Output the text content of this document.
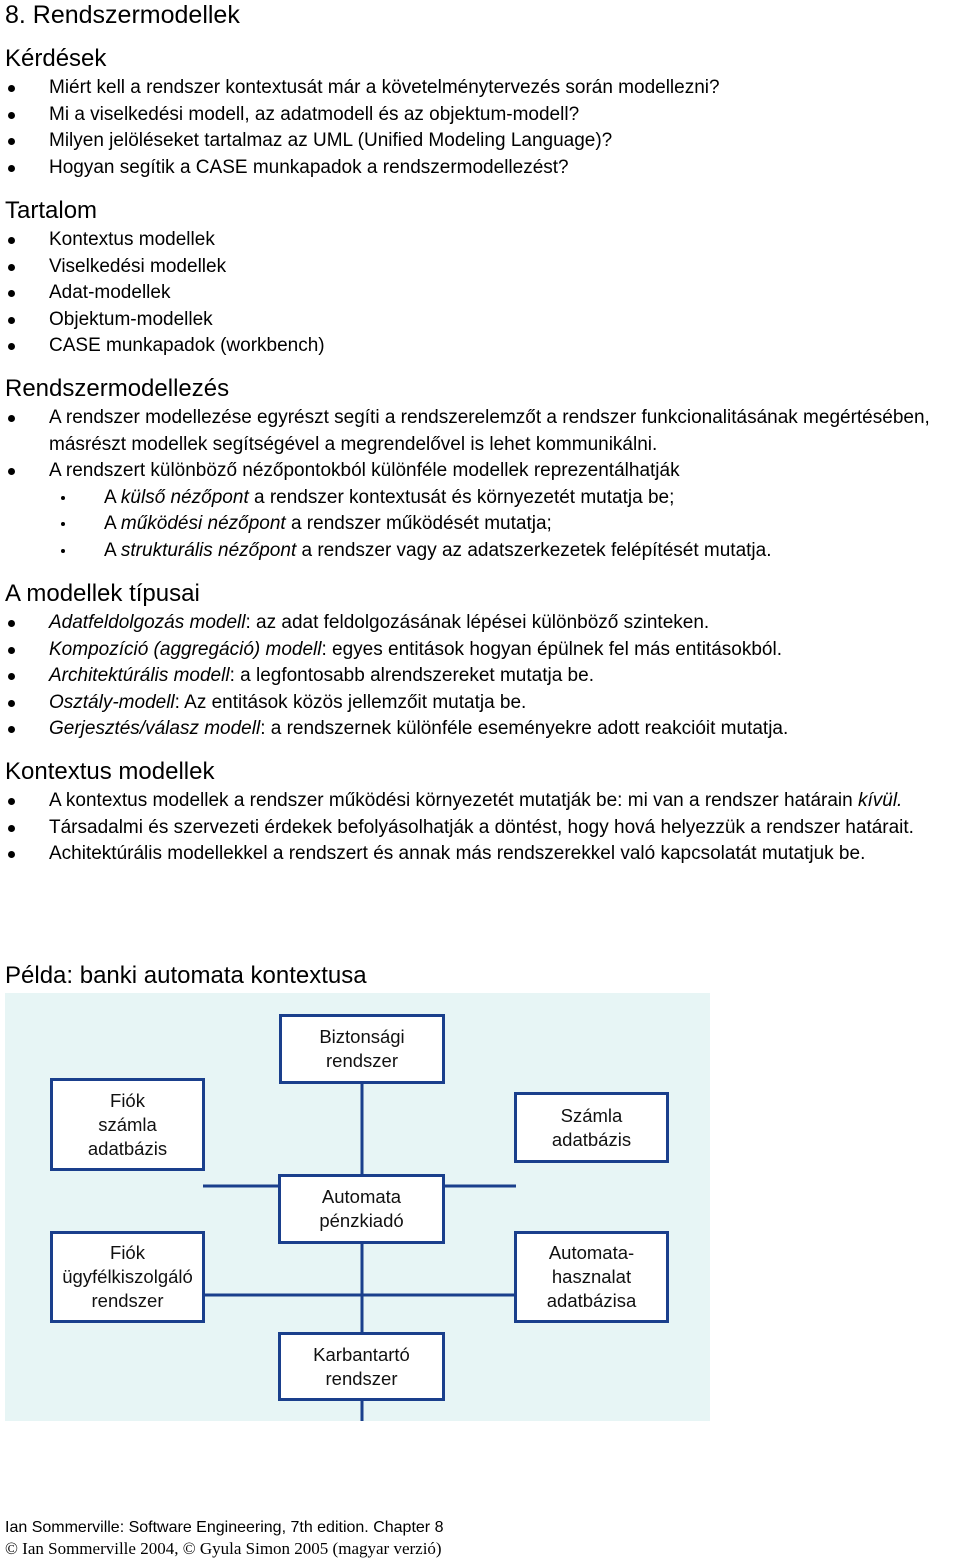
8. Rendszermodellek
Kérdések
Miért kell a rendszer kontextusát már a követelménytervezés során modellezni?
Mi a viselkedési modell, az adatmodell és az objektum-modell?
Milyen jelöléseket tartalmaz az UML (Unified Modeling Language)?
Hogyan segítik a CASE munkapadok a rendszermodellezést?
Tartalom
Kontextus modellek
Viselkedési modellek
Adat-modellek
Objektum-modellek
CASE munkapadok (workbench)
Rendszermodellezés
A rendszer modellezése egyrészt segíti a rendszerelemzőt a rendszer funkcionalitásának megértésében, másrészt modellek segítségével a megrendelővel is lehet kommunikálni.
A rendszert különböző nézőpontokból különféle modellek reprezentálhatják
A külső nézőpont a rendszer kontextusát és környezetét mutatja be;
A működési nézőpont a rendszer működését mutatja;
A strukturális nézőpont a rendszer vagy az adatszerkezetek felépítését mutatja.
A modellek típusai
Adatfeldolgozás modell: az adat feldolgozásának lépései különböző szinteken.
Kompozíció (aggregáció) modell: egyes entitások hogyan épülnek fel más entitásokból.
Architektúrális modell: a legfontosabb alrendszereket mutatja be.
Osztály-modell: Az entitások közös jellemzőit mutatja be.
Gerjesztés/válasz modell: a rendszernek különféle eseményekre adott reakcióit mutatja.
Kontextus modellek
A kontextus modellek a rendszer működési környezetét mutatják be: mi van a rendszer határain kívül.
Társadalmi és szervezeti érdekek befolyásolhatják a döntést, hogy hová helyezzük a rendszer határait.
Achitektúrális modellekkel a rendszert és annak más rendszerekkel való kapcsolatát mutatjuk be.
Példa: banki automata kontextusa
Biztonsági
rendszer
Fiók
számla
adatbázis
Számla
adatbázis
Automata
pénzkiadó
Fiók
ügyfélkiszolgáló
rendszer
Automata-
hasznalat
adatbázisa
Karbantartó
rendszer
Ian Sommerville: Software Engineering, 7th edition. Chapter 8
© Ian Sommerville 2004, © Gyula Simon 2005 (magyar verzió)
